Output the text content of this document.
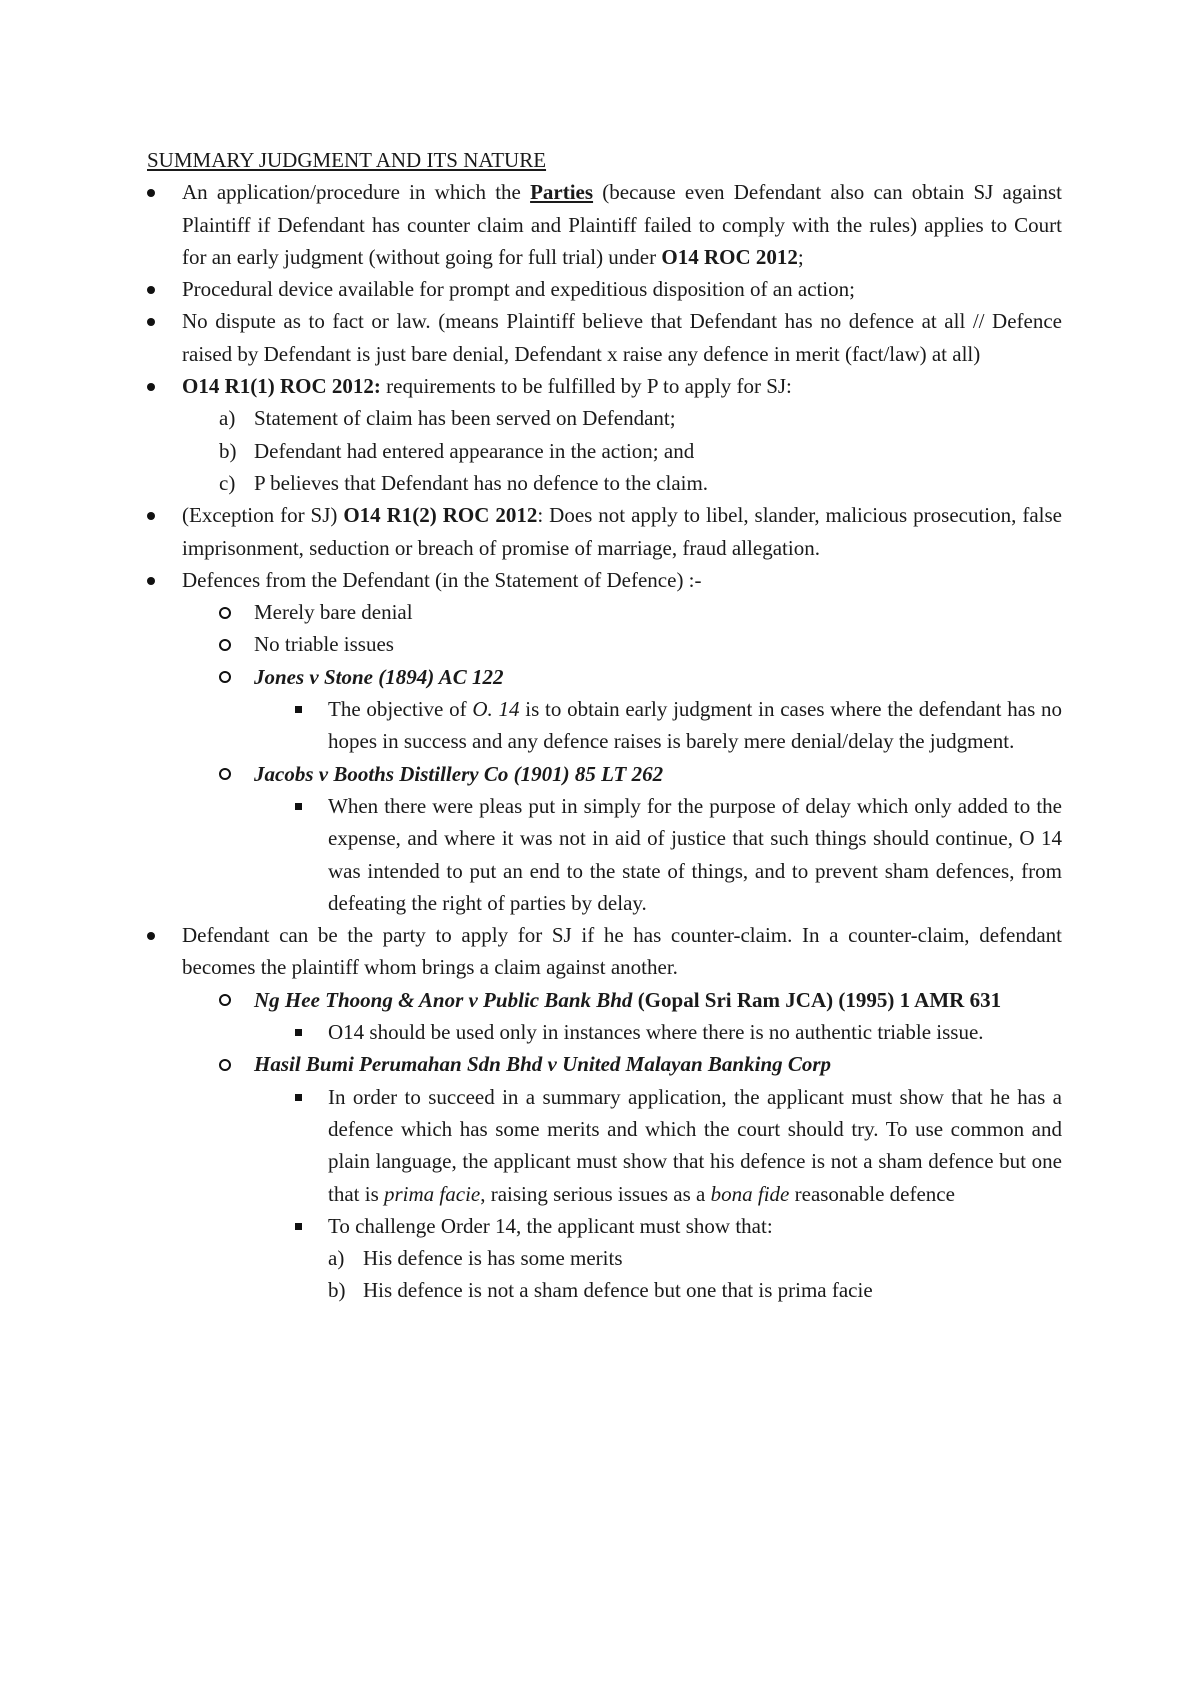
SUMMARY JUDGMENT AND ITS NATURE
An application/procedure in which the Parties (because even Defendant also can obtain SJ against Plaintiff if Defendant has counter claim and Plaintiff failed to comply with the rules) applies to Court for an early judgment (without going for full trial) under O14 ROC 2012;
Procedural device available for prompt and expeditious disposition of an action;
No dispute as to fact or law. (means Plaintiff believe that Defendant has no defence at all // Defence raised by Defendant is just bare denial, Defendant x raise any defence in merit (fact/law) at all)
O14 R1(1) ROC 2012: requirements to be fulfilled by P to apply for SJ:
a) Statement of claim has been served on Defendant;
b) Defendant had entered appearance in the action; and
c) P believes that Defendant has no defence to the claim.
(Exception for SJ) O14 R1(2) ROC 2012: Does not apply to libel, slander, malicious prosecution, false imprisonment, seduction or breach of promise of marriage, fraud allegation.
Defences from the Defendant (in the Statement of Defence) :-
Merely bare denial
No triable issues
Jones v Stone (1894) AC 122
The objective of O. 14 is to obtain early judgment in cases where the defendant has no hopes in success and any defence raises is barely mere denial/delay the judgment.
Jacobs v Booths Distillery Co (1901) 85 LT 262
When there were pleas put in simply for the purpose of delay which only added to the expense, and where it was not in aid of justice that such things should continue, O 14 was intended to put an end to the state of things, and to prevent sham defences, from defeating the right of parties by delay.
Defendant can be the party to apply for SJ if he has counter-claim. In a counter-claim, defendant becomes the plaintiff whom brings a claim against another.
Ng Hee Thoong & Anor v Public Bank Bhd (Gopal Sri Ram JCA) (1995) 1 AMR 631
O14 should be used only in instances where there is no authentic triable issue.
Hasil Bumi Perumahan Sdn Bhd v United Malayan Banking Corp
In order to succeed in a summary application, the applicant must show that he has a defence which has some merits and which the court should try. To use common and plain language, the applicant must show that his defence is not a sham defence but one that is prima facie, raising serious issues as a bona fide reasonable defence
To challenge Order 14, the applicant must show that:
a) His defence is has some merits
b) His defence is not a sham defence but one that is prima facie
